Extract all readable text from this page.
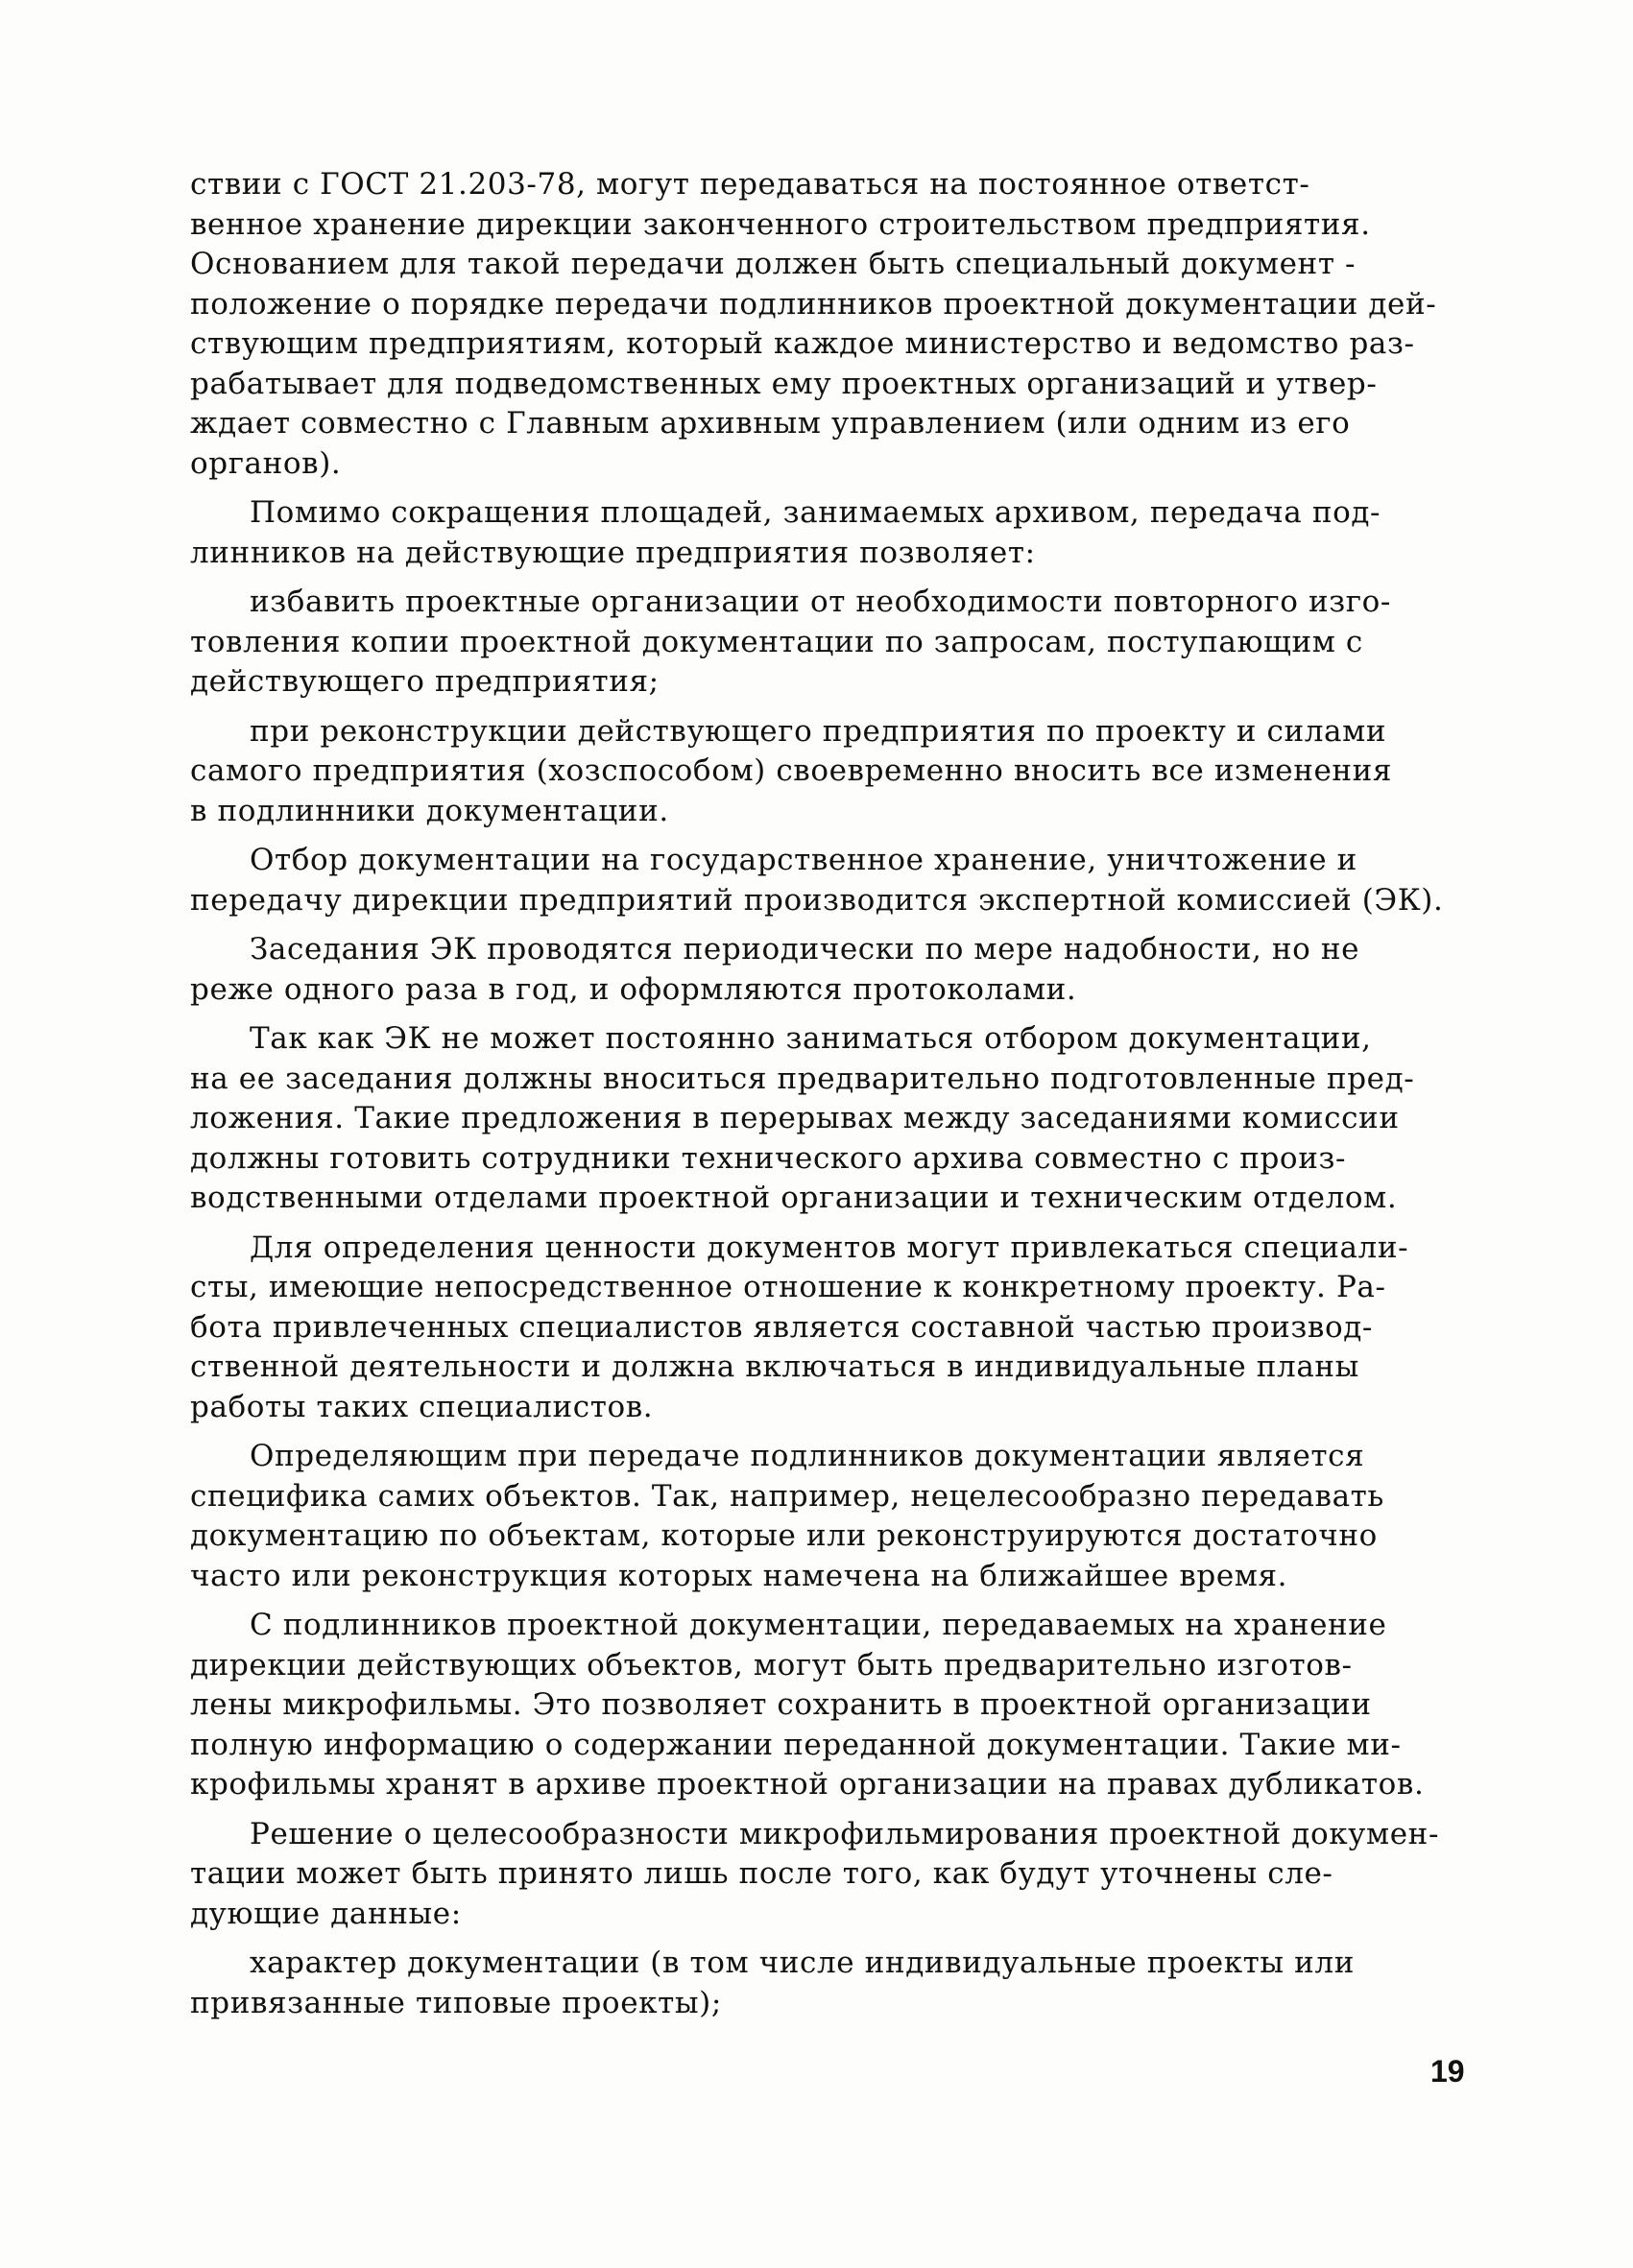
ствии с ГОСТ 21.203-78, могут передаваться на постоянное ответст-
венное хранение дирекции законченного строительством предприятия.
Основанием для такой передачи должен быть специальный документ -
положение о порядке передачи подлинников проектной документации дей-
ствующим предприятиям, который каждое министерство и ведомство раз-
рабатывает для подведомственных ему проектных организаций и утвер-
ждает совместно с Главным архивным управлением (или одним из его
органов).
Помимо сокращения площадей, занимаемых архивом, передача под-
линников на действующие предприятия позволяет:
избавить проектные организации от необходимости повторного изго-
товления копии проектной документации по запросам, поступающим с
действующего предприятия;
при реконструкции действующего предприятия по проекту и силами
самого предприятия (хозспособом) своевременно вносить все изменения
в подлинники документации.
Отбор документации на государственное хранение, уничтожение и
передачу дирекции предприятий производится экспертной комиссией (ЭК).
Заседания ЭК проводятся периодически по мере надобности, но не
реже одного раза в год, и оформляются протоколами.
Так как ЭК не может постоянно заниматься отбором документации,
на ее заседания должны вноситься предварительно подготовленные пред-
ложения. Такие предложения в перерывах между заседаниями комиссии
должны готовить сотрудники технического архива совместно с произ-
водственными отделами проектной организации и техническим отделом.
Для определения ценности документов могут привлекаться специали-
сты, имеющие непосредственное отношение к конкретному проекту. Ра-
бота привлеченных специалистов является составной частью производ-
ственной деятельности и должна включаться в индивидуальные планы
работы таких специалистов.
Определяющим при передаче подлинников документации является
специфика самих объектов. Так, например, нецелесообразно передавать
документацию по объектам, которые или реконструируются достаточно
часто или реконструкция которых намечена на ближайшее время.
С подлинников проектной документации, передаваемых на хранение
дирекции действующих объектов, могут быть предварительно изготов-
лены микрофильмы. Это позволяет сохранить в проектной организации
полную информацию о содержании переданной документации. Такие ми-
крофильмы хранят в архиве проектной организации на правах дубликатов.
Решение о целесообразности микрофильмирования проектной докумен-
тации может быть принято лишь после того, как будут уточнены сле-
дующие данные:
характер документации (в том числе индивидуальные проекты или
привязанные типовые проекты);
19
